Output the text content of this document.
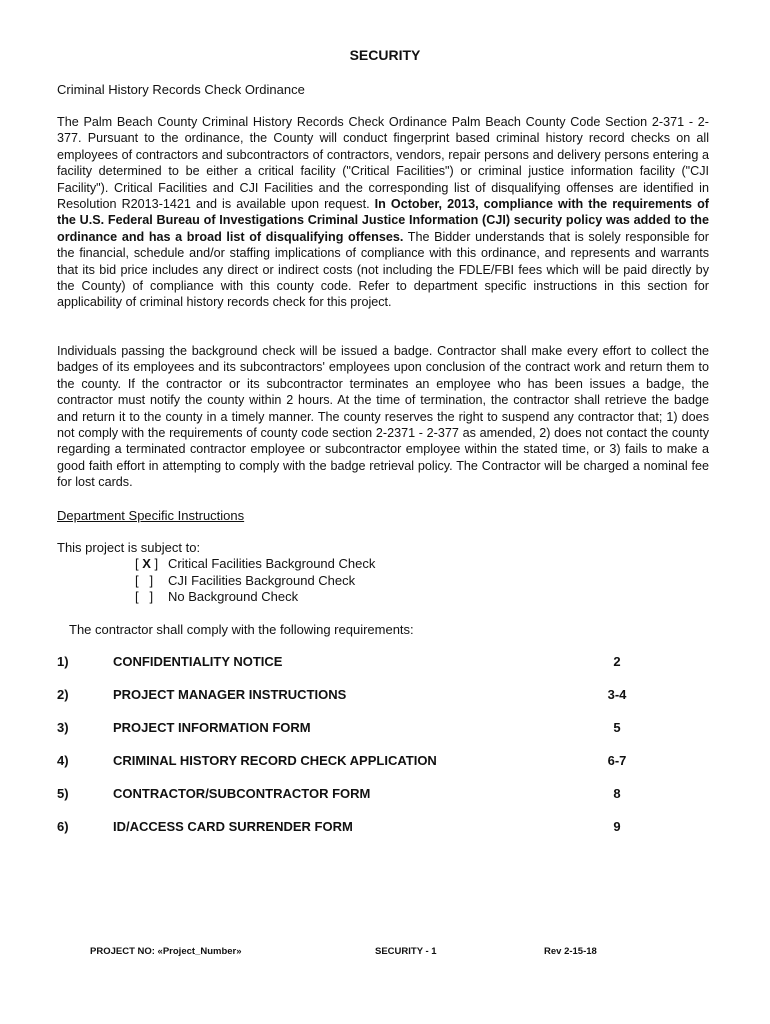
SECURITY
Criminal History Records Check Ordinance
The Palm Beach County Criminal History Records Check Ordinance Palm Beach County Code Section 2-371 - 2-377. Pursuant to the ordinance, the County will conduct fingerprint based criminal history record checks on all employees of contractors and subcontractors of contractors, vendors, repair persons and delivery persons entering a facility determined to be either a critical facility ("Critical Facilities") or criminal justice information facility ("CJI Facility"). Critical Facilities and CJI Facilities and the corresponding list of disqualifying offenses are identified in Resolution R2013-1421 and is available upon request. In October, 2013, compliance with the requirements of the U.S. Federal Bureau of Investigations Criminal Justice Information (CJI) security policy was added to the ordinance and has a broad list of disqualifying offenses. The Bidder understands that is solely responsible for the financial, schedule and/or staffing implications of compliance with this ordinance, and represents and warrants that its bid price includes any direct or indirect costs (not including the FDLE/FBI fees which will be paid directly by the County) of compliance with this county code. Refer to department specific instructions in this section for applicability of criminal history records check for this project.
Individuals passing the background check will be issued a badge. Contractor shall make every effort to collect the badges of its employees and its subcontractors' employees upon conclusion of the contract work and return them to the county. If the contractor or its subcontractor terminates an employee who has been issues a badge, the contractor must notify the county within 2 hours. At the time of termination, the contractor shall retrieve the badge and return it to the county in a timely manner. The county reserves the right to suspend any contractor that; 1) does not comply with the requirements of county code section 2-2371 - 2-377 as amended, 2) does not contact the county regarding a terminated contractor employee or subcontractor employee within the stated time, or 3) fails to make a good faith effort in attempting to comply with the badge retrieval policy. The Contractor will be charged a nominal fee for lost cards.
Department Specific Instructions
This project is subject to:
[ X ] Critical Facilities Background Check
[   ]	CJI Facilities Background Check
[   ]	No Background Check
The contractor shall comply with the following requirements:
1)	CONFIDENTIALITY NOTICE	2
2)	PROJECT MANAGER INSTRUCTIONS	3-4
3)	PROJECT INFORMATION FORM	5
4)	CRIMINAL HISTORY RECORD CHECK APPLICATION	6-7
5)	CONTRACTOR/SUBCONTRACTOR FORM	8
6)	ID/ACCESS CARD SURRENDER FORM	9
PROJECT NO: «Project_Number»	SECURITY - 1	Rev 2-15-18
